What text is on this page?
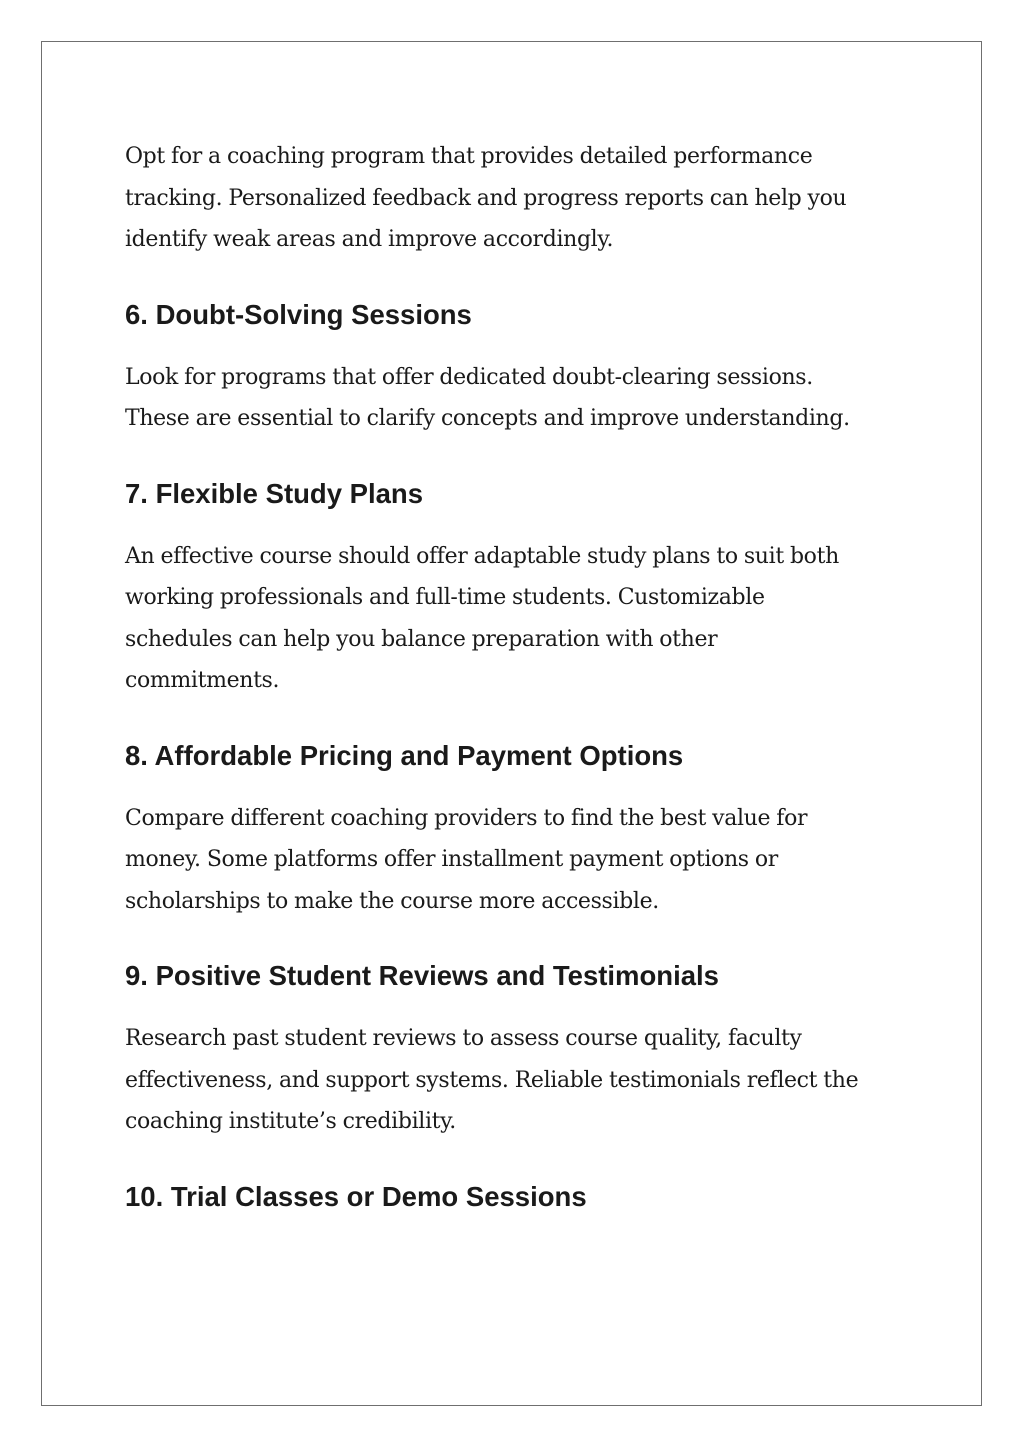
Opt for a coaching program that provides detailed performance
tracking. Personalized feedback and progress reports can help you
identify weak areas and improve accordingly.

6. Doubt-Solving Sessions

Look for programs that offer dedicated doubt-clearing sessions.
These are essential to clarify concepts and improve understanding.

7. Flexible Study Plans

An effective course should offer adaptable study plans to suit both
working professionals and full-time students. Customizable
schedules can help you balance preparation with other
commitments.

8. Affordable Pricing and Payment Options

Compare different coaching providers to find the best value for
money. Some platforms offer installment payment options or
scholarships to make the course more accessible.

9. Positive Student Reviews and Testimonials

Research past student reviews to assess course quality, faculty
effectiveness, and support systems. Reliable testimonials reflect the
coaching institute’s credibility.

10. Trial Classes or Demo Sessions
